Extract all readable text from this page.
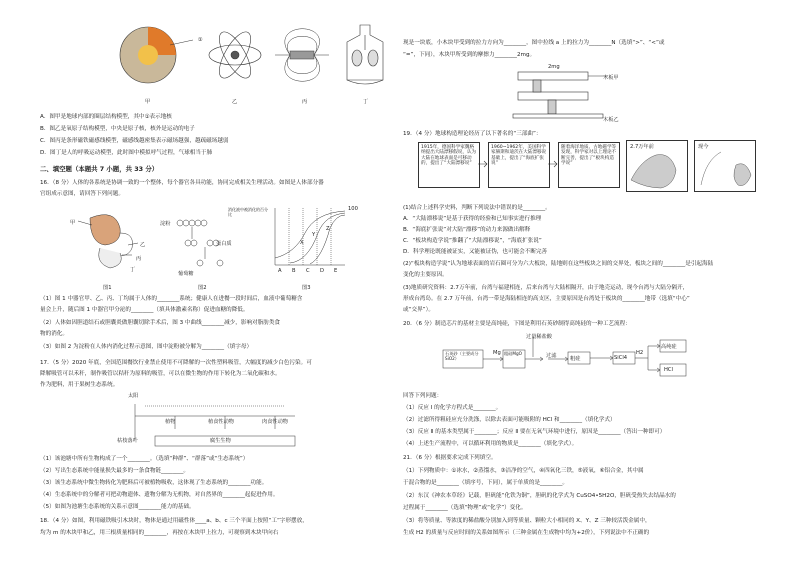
甲	乙	丙	丁
①
A．图甲是地球内部的圈层结构模型，其中①表示地核
B．图乙是氧原子结构模型，中央是原子核，核外是运动的电子
C．图丙是条形磁铁磁感线模型，磁感线越密集表示磁场越强，越疏磁场越弱
D．图丁是人的呼吸运动模型，此时图中模拟呼气过程，气球相当于肺
二、填空题（本题共 7 小题，共 33 分）
16．（8 分）人体的各系统是协调一致的一个整体，每个器官各具功能，协同完成相关生理活动。如图是人体部分器
官组成示意图，请回答下列问题。
甲
乙
丙
丁
图1
淀粉
蛋白质
葡萄糖
图2
消化液中被消化的百分比
X
Y
Z
A B C D E
图3
100
（1）图 1 中器官甲、乙、丙、丁均属于人体的________系统；健康人在进餐一段时间后，血液中葡萄糖含
量会上升，随后图 1 中器官甲分泌的________（填具体激素名称）促进血糖的降低。
（2）人体如因胆道结石或胆囊炎做胆囊切除手术后，图 3 中曲线________减少，影响对脂肪类食
物的消化。
（3）如图 2 为淀粉在人体内消化过程示意图，图中淀粉被分解为________（填字母）
17．（5 分）2020 年底，全国范围餐饮行业禁止使用不可降解的一次性塑料吸管，大幅度的减少白色污染。可
降解吸管可以禾秆，制作吸管以秸秆为原料的吸管，可以在微生物的作用下转化为二氧化碳和水。
作为肥料，用于果树生态系统。
太阳
植物	植食性动物	肉食性动物
腐生生物
枯枝落叶
（1）该池塘中所有生物构成了一个________。（选填“种群”、“群落”或“生态系统”）
（2）写出生态系统中能量损失最多的一条食物链________。
（3）该生态系统中微生物转化为肥料后可被植物吸收，这体现了生态系统的________功能。
（4）生态系统中的分解者可把动物遗体、遗物分解为无机物，对自然界的________起促进作用。
（5）如图为池塘生态系统的关系示意图________能力的基础。
18．（4 分）如图，利用磁铁吸引木块时，物体是通过用磁性体____a、b、c 三个平面上按照“工”字形摆放，
均为 m 的木块甲和乙，用三根质量相同的________，再按在木块甲上拉力，可观察到木块甲向右
现是一块底，小木块甲受到的拉力方向为________，图中拉线 a 上的拉力为________N（选填“>”、“<”或
“=”，下同），木块甲所受到的摩擦力________2mg。
木板甲
木板乙
2mg
19．（4 分）地球构造理论经历了以下著名的“三部曲”：
1915年，德国科学家魏格纳提出大陆漂移假说，认为大陆在地球表面是可移动的，提出了“大陆漂移说”
1960~1962年，美国科学家赫斯和迪茨在大陆漂移说基础上，提出了“海底扩张说”
随着海洋地质、古地磁学等发现，科学家对以上理论不断完善，提出了“板块构造学说”
2.7万年前	现今
(1)结合上述科学史料，判断下列说法中错误的是________。
A．“大陆漂移说”是基于获得的经验和已知事实进行推理
B．“海底扩张说”对大陆“漂移”的动力来源做出解释
C．“板块构造学说”推翻了“大陆漂移说”，“海底扩张说”
D．科学理论既能被证实，又能被证伪，也可能会不断完善
(2)“板块构造学说”认为地球表面的岩石圈可分为六大板块，陆地则在这些板块之间的交界处，板块之间的________是引起海陆
变化的主要原因。
(3)地质研究资料：2.7万年前，台湾与福建相连，后来台湾与大陆相隔开，由于地壳运动，现今台湾与大陆分隔开，
形成台湾岛。在 2.7 万年前，台湾一带是海陆相连的高支区，主要原因是台湾处于板块的________地带（选填“中心”
或“交界”）。
20．（6 分）制造芯片的基材主要是高纯硅，下图是利用石英砂制得高纯硅的一种工艺流程：
过量稀盐酸
石英砂（主要成分SiO2）
Mg 粗硅MgO	过滤	粗硅	SiCl4
H2
高纯硅
HCl
回答下列问题：
（1）反应 Ⅰ 的化学方程式是________。
（2）过滤所得粗硅应充分洗涤，以除去表面可能吸附的 HCl 和________（填化学式）
（3）反应 Ⅱ 的基本类型属于________；反应 Ⅱ 要在无氧气环境中进行，原因是________（答出一种即可）
（4）上述生产流程中，可以循环利用的物质是________（填化学式）。
21．（6 分）根据要求完成下列填空。
（1）下列物质中：①冰水，②蒸馏水，③洁净的空气，④四氧化三铁，⑤液氧，⑥铝合金，其中属
于混合物的是________（填序号，下同），属于单质的是________。
（2）东汉《神农本草经》记载，胆矾能“化铁为铜”，胆矾的化学式为 CuSO4•5H2O，胆矾受热失去结晶水的
过程属于________（选填“物理”或“化学”）变化。
（3）将等质量、等浓度的稀盐酸分别加入到等质量、颗粒大小相同的 X、Y、Z 三种较活泼金属中，
生成 H2 的质量与反应时间的关系如图所示（三种金属在生成物中均为+2价），下列说法中不正确的
